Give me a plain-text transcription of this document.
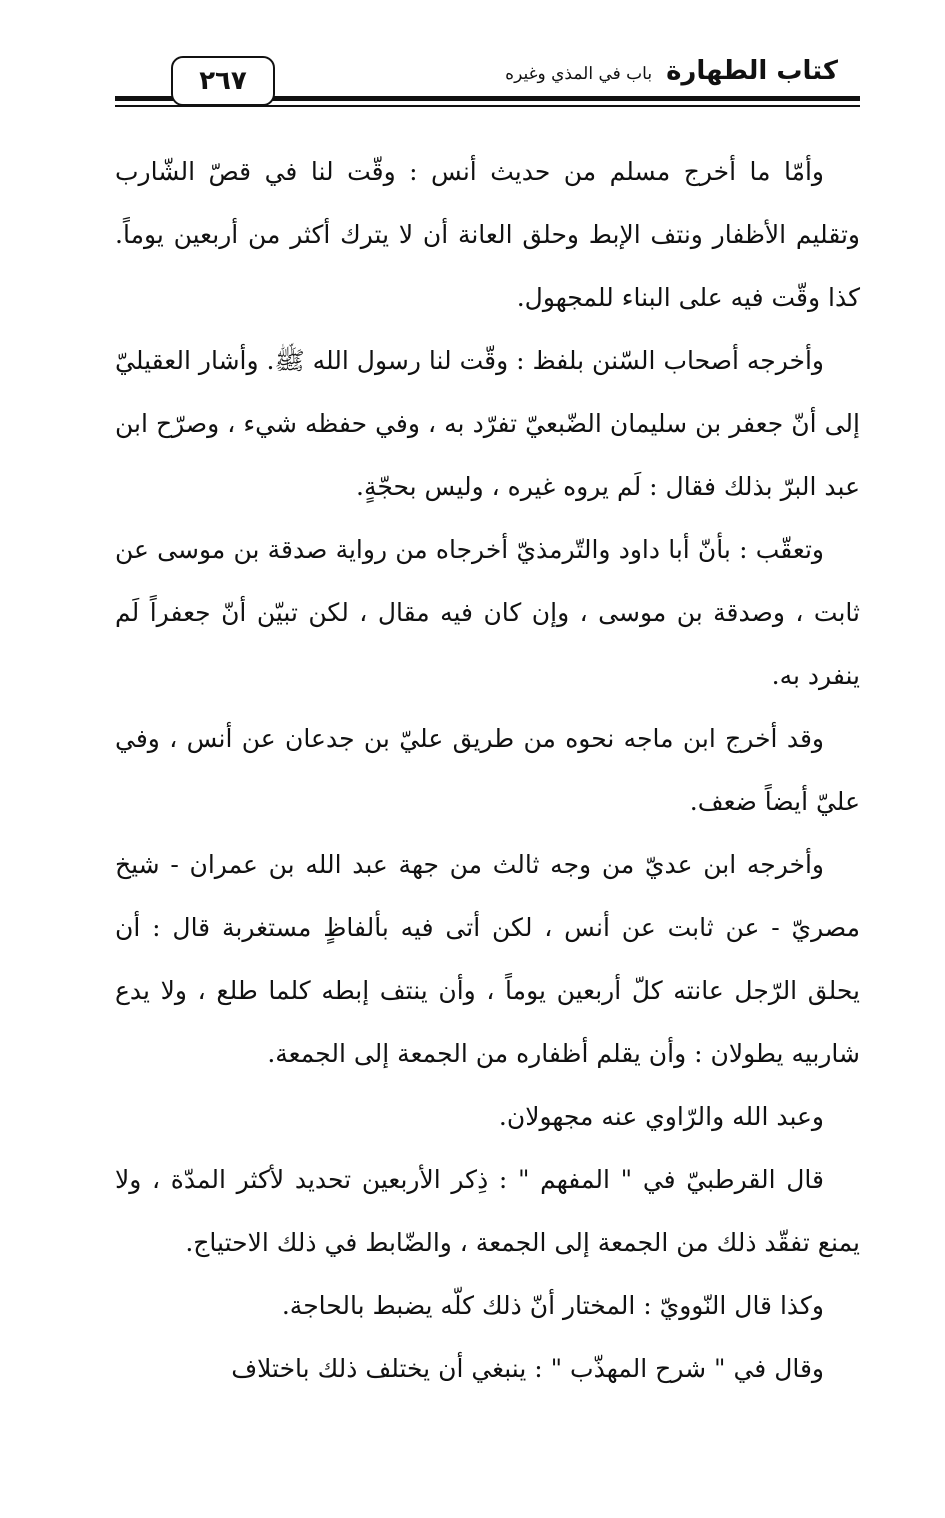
٢٦٧	كتاب الطهارة
باب في المذي وغيره

وأمّا ما أخرج مسلم من حديث أنس : وقّت لنا في قصّ الشّارب وتقليم الأظفار ونتف الإبط وحلق العانة أن لا يترك أكثر من أربعين يوماً. كذا وقّت فيه على البناء للمجهول.

وأخرجه أصحاب السّنن بلفظ : وقّت لنا رسول الله ﷺ. وأشار العقيليّ إلى أنّ جعفر بن سليمان الضّبعيّ تفرّد به ، وفي حفظه شيء ، وصرّح ابن عبد البرّ بذلك فقال : لَم يروه غيره ، وليس بحجّةٍ.

وتعقّب : بأنّ أبا داود والتّرمذيّ أخرجاه من رواية صدقة بن موسى عن ثابت ، وصدقة بن موسى ، وإن كان فيه مقال ، لكن تبيّن أنّ جعفراً لَم ينفرد به.

وقد أخرج ابن ماجه نحوه من طريق عليّ بن جدعان عن أنس ، وفي عليّ أيضاً ضعف.

وأخرجه ابن عديّ من وجه ثالث من جهة عبد الله بن عمران - شيخ مصريّ - عن ثابت عن أنس ، لكن أتى فيه بألفاظٍ مستغربة قال : أن يحلق الرّجل عانته كلّ أربعين يوماً ، وأن ينتف إبطه كلما طلع ، ولا يدع شاربيه يطولان : وأن يقلم أظفاره من الجمعة إلى الجمعة.

وعبد الله والرّاوي عنه مجهولان.

قال القرطبيّ في " المفهم " : ذِكر الأربعين تحديد لأكثر المدّة ، ولا يمنع تفقّد ذلك من الجمعة إلى الجمعة ، والضّابط في ذلك الاحتياج.

وكذا قال النّوويّ : المختار أنّ ذلك كلّه يضبط بالحاجة.

وقال في " شرح المهذّب " : ينبغي أن يختلف ذلك باختلاف
